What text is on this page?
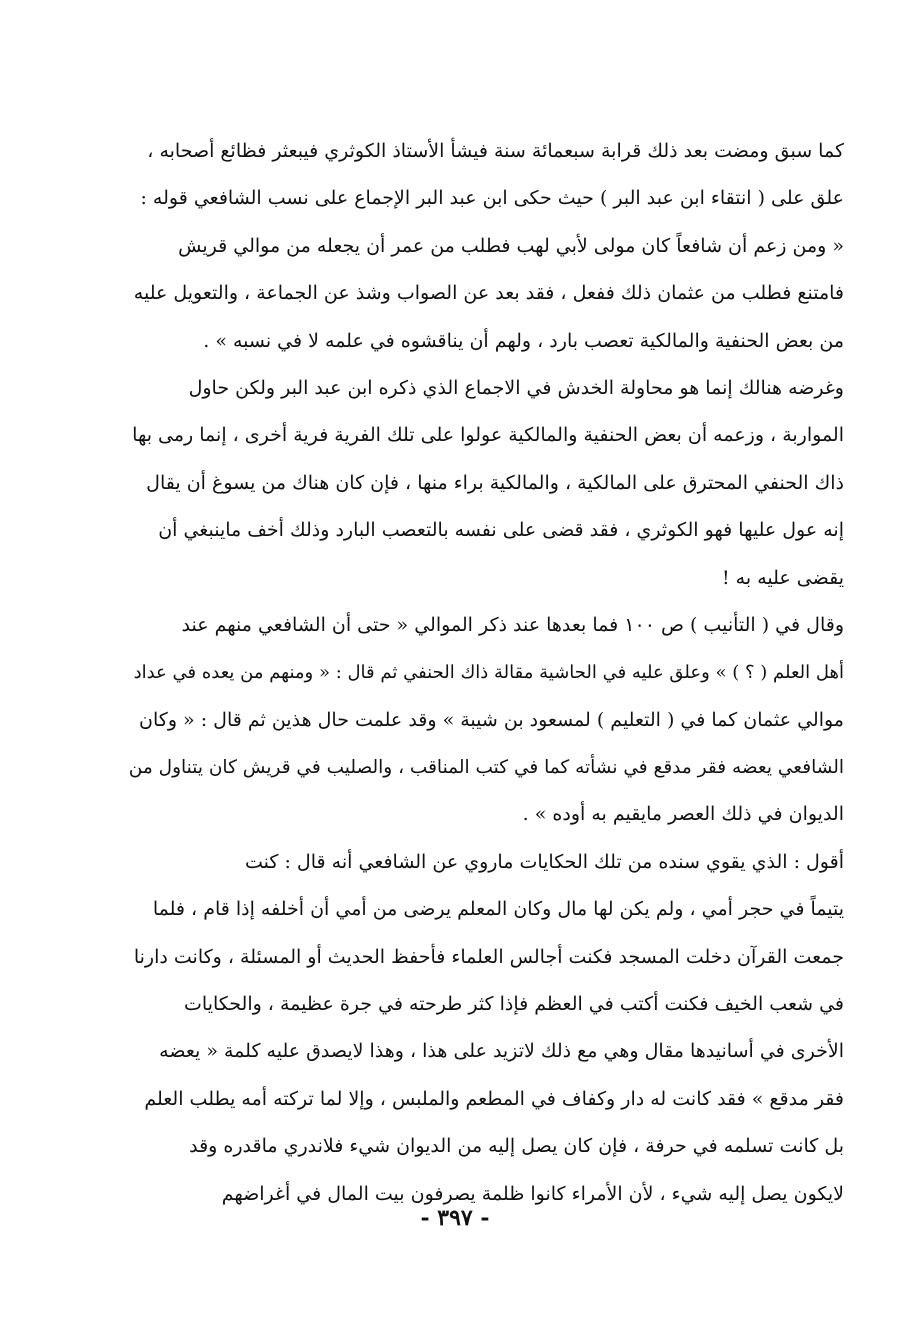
كما سبق ومضت بعد ذلك قرابة سبعمائة سنة فيشأ الأستاذ الكوثري فيبعثر فظائع أصحابه ،
علق على ( انتقاء ابن عبد البر ) حيث حكى ابن عبد البر الإجماع على نسب الشافعي قوله :
« ومن زعم أن شافعاً كان مولى لأبي لهب فطلب من عمر أن يجعله من موالي قريش
فامتنع فطلب من عثمان ذلك ففعل ، فقد بعد عن الصواب وشذ عن الجماعة ، والتعويل عليه
من بعض الحنفية والمالكية تعصب بارد ، ولهم أن يناقشوه في علمه لا في نسبه » .
وغرضه هنالك إنما هو محاولة الخدش في الاجماع الذي ذكره ابن عبد البر ولكن حاول
المواربة ، وزعمه أن بعض الحنفية والمالكية عولوا على تلك الفرية فرية أخرى ، إنما رمى بها
ذاك الحنفي المحترق على المالكية ، والمالكية براء منها ، فإن كان هناك من يسوغ أن يقال
إنه عول عليها فهو الكوثري ، فقد قضى على نفسه بالتعصب البارد وذلك أخف ماينبغي أن
يقضى عليه به !
وقال في ( التأنيب ) ص ١٠٠ فما بعدها عند ذكر الموالي « حتى أن الشافعي منهم عند
أهل العلم ( ؟ ) » وعلق عليه في الحاشية مقالة ذاك الحنفي ثم قال : « ومنهم من يعده في عداد
موالي عثمان كما في ( التعليم ) لمسعود بن شيبة » وقد علمت حال هذين ثم قال : « وكان
الشافعي يعضه فقر مدقع في نشأته كما في كتب المناقب ، والصليب في قريش كان يتناول من
الديوان في ذلك العصر مايقيم به أوده » .
أقول : الذي يقوي سنده من تلك الحكايات ماروي عن الشافعي أنه قال : كنت
يتيماً في حجر أمي ، ولم يكن لها مال وكان المعلم يرضى من أمي أن أخلفه إذا قام ، فلما
جمعت القرآن دخلت المسجد فكنت أجالس العلماء فأحفظ الحديث أو المسئلة ، وكانت دارنا
في شعب الخيف فكنت أكتب في العظم فإذا كثر طرحته في جرة عظيمة ، والحكايات
الأخرى في أسانيدها مقال وهي مع ذلك لاتزيد على هذا ، وهذا لايصدق عليه كلمة « يعضه
فقر مدقع » فقد كانت له دار وكفاف في المطعم والملبس ، وإلا لما تركته أمه يطلب العلم
بل كانت تسلمه في حرفة ، فإن كان يصل إليه من الديوان شيء فلاندري ماقدره وقد
لايكون يصل إليه شيء ، لأن الأمراء كانوا ظلمة يصرفون بيت المال في أغراضهم
- ٣٩٧ -
